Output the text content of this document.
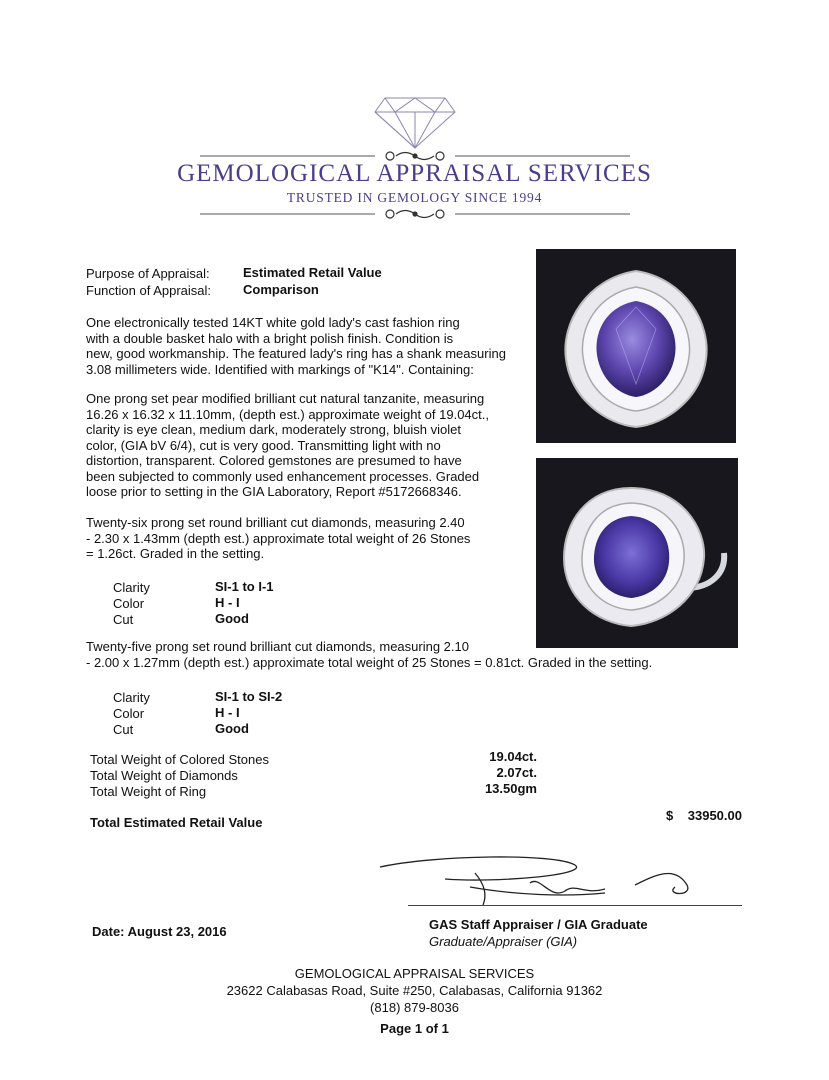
GEMOLOGICAL APPRAISAL SERVICES
TRUSTED IN GEMOLOGY SINCE 1994
Purpose of Appraisal:	Estimated Retail Value
Function of Appraisal: Comparison
One electronically tested 14KT white gold lady's cast fashion ring
with a double basket halo with a bright polish finish. Condition is
new, good workmanship. The featured lady's ring has a shank measuring
3.08 millimeters wide. Identified with markings of "K14". Containing:
One prong set pear modified brilliant cut natural tanzanite, measuring
16.26 x 16.32 x 11.10mm, (depth est.) approximate weight of 19.04ct.,
clarity is eye clean, medium dark, moderately strong, bluish violet
color, (GIA bV 6/4), cut is very good. Transmitting light with no
distortion, transparent. Colored gemstones are presumed to have
been subjected to commonly used enhancement processes. Graded
loose prior to setting in the GIA Laboratory, Report #5172668346.
Twenty-six prong set round brilliant cut diamonds, measuring 2.40
- 2.30 x 1.43mm (depth est.) approximate total weight of 26 Stones
= 1.26ct. Graded in the setting.
Clarity	SI-1 to I-1
Color	H - I
Cut	Good
Twenty-five prong set round brilliant cut diamonds, measuring 2.10
- 2.00 x 1.27mm (depth est.) approximate total weight of 25 Stones = 0.81ct. Graded in the setting.
Clarity	SI-1 to SI-2
Color	H - I
Cut	Good
Total Weight of Colored Stones	19.04ct.
Total Weight of Diamonds	2.07ct.
Total Weight of Ring	13.50gm
Total Estimated Retail Value	$	33950.00
Date: August 23, 2016	GAS Staff Appraiser / GIA Graduate
Graduate/Appraiser (GIA)
GEMOLOGICAL APPRAISAL SERVICES
23622 Calabasas Road, Suite #250, Calabasas, California 91362
(818) 879-8036
Page 1 of 1
